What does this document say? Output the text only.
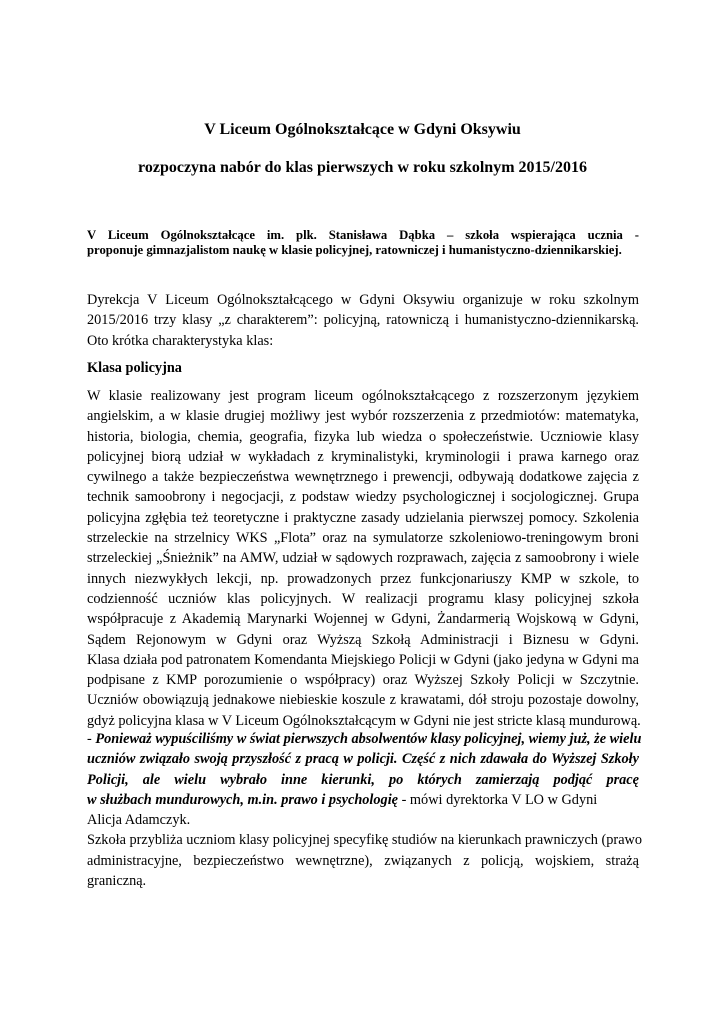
V Liceum Ogólnokształcące w Gdyni Oksywiu
rozpoczyna nabór do klas pierwszych w roku szkolnym 2015/2016
V Liceum Ogólnokształcące im. plk. Stanisława Dąbka – szkoła wspierająca ucznia -
proponuje gimnazjalistom naukę w klasie policyjnej, ratowniczej i humanistyczno-dziennikarskiej.
Dyrekcja V Liceum Ogólnokształcącego w Gdyni Oksywiu organizuje w roku szkolnym
2015/2016 trzy klasy „z charakterem”: policyjną, ratowniczą i humanistyczno-dziennikarską.
Oto krótka charakterystyka klas:
Klasa policyjna
W klasie realizowany jest program liceum ogólnokształcącego z rozszerzonym językiem
angielskim, a w klasie drugiej możliwy jest wybór rozszerzenia z przedmiotów: matematyka,
historia, biologia, chemia, geografia, fizyka lub wiedza o społeczeństwie. Uczniowie klasy
policyjnej biorą udział w wykładach z kryminalistyki, kryminologii i prawa karnego oraz
cywilnego a także bezpieczeństwa wewnętrznego i prewencji, odbywają dodatkowe zajęcia z
technik samoobrony i negocjacji, z podstaw wiedzy psychologicznej i socjologicznej. Grupa
policyjna zgłębia też teoretyczne i praktyczne zasady udzielania pierwszej pomocy. Szkolenia
strzeleckie na strzelnicy WKS „Flota” oraz na symulatorze szkoleniowo-treningowym broni
strzeleckiej „Śnieżnik” na AMW, udział w sądowych rozprawach, zajęcia z samoobrony i wiele
innych niezwykłych lekcji, np. prowadzonych przez funkcjonariuszy KMP w szkole, to
codzienność uczniów klas policyjnych. W realizacji programu klasy policyjnej szkoła
współpracuje z Akademią Marynarki Wojennej w Gdyni, Żandarmerią Wojskową w Gdyni,
Sądem Rejonowym w Gdyni oraz Wyższą Szkołą Administracji i Biznesu w Gdyni.
Klasa działa pod patronatem Komendanta Miejskiego Policji w Gdyni (jako jedyna w Gdyni ma
podpisane z KMP porozumienie o współpracy) oraz Wyższej Szkoły Policji w Szczytnie.
Uczniów obowiązują jednakowe niebieskie koszule z krawatami, dół stroju pozostaje dowolny,
gdyż policyjna klasa w V Liceum Ogólnokształcącym w Gdyni nie jest stricte klasą mundurową.
- Ponieważ wypuściliśmy w świat pierwszych absolwentów klasy policyjnej, wiemy już, że wielu
uczniów związało swoją przyszłość z pracą w policji. Część z nich zdawała do Wyższej Szkoły
Policji, ale wielu wybrało inne kierunki, po których zamierzają podjąć pracę
w służbach mundurowych, m.in. prawo i psychologię - mówi dyrektorka V LO w Gdyni
Alicja Adamczyk.
Szkoła przybliża uczniom klasy policyjnej specyfikę studiów na kierunkach prawniczych (prawo
administracyjne, bezpieczeństwo wewnętrzne), związanych z policją, wojskiem, strażą
graniczną.
